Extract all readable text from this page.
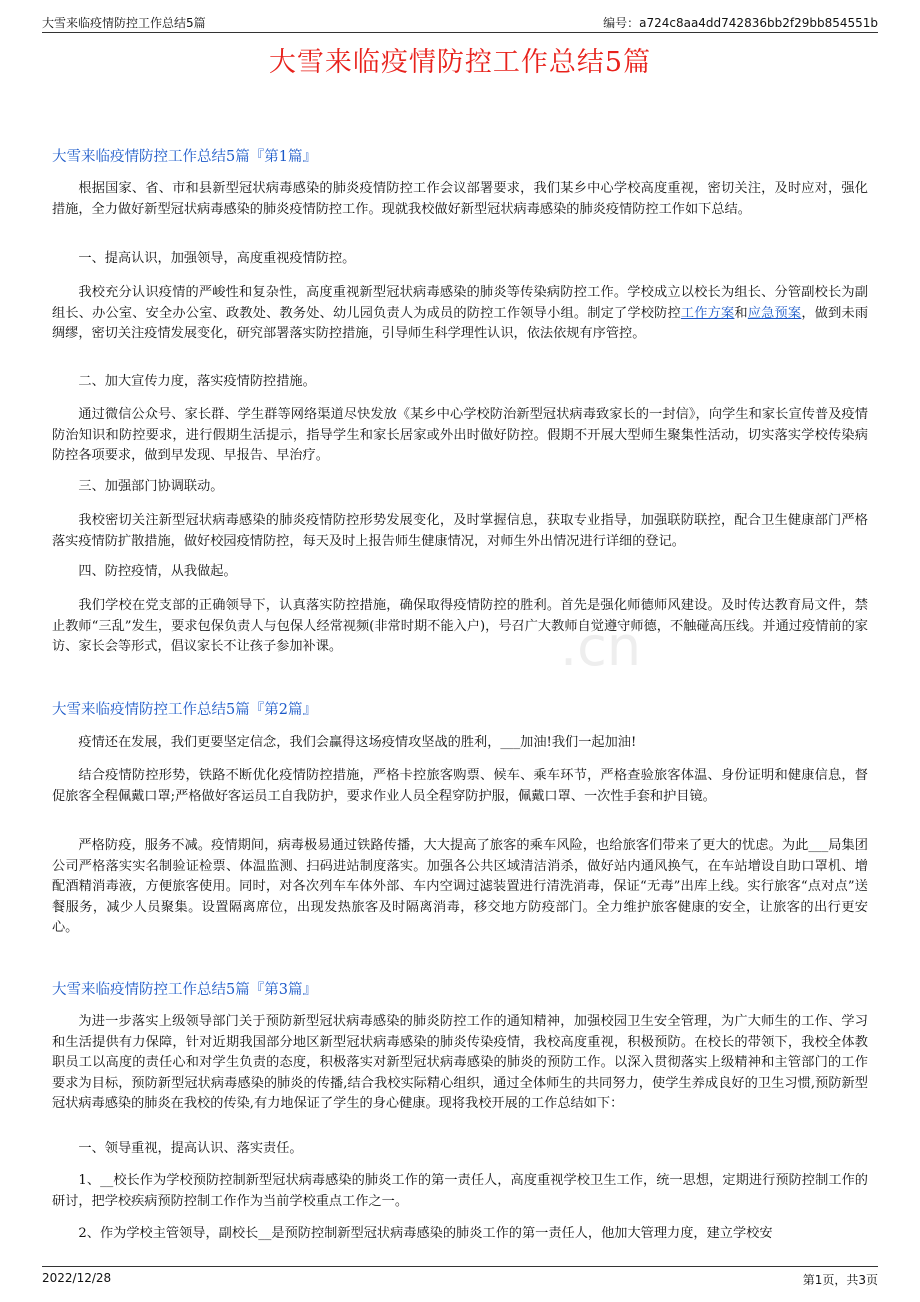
大雪来临疫情防控工作总结5篇	编号：a724c8aa4dd742836bb2f29bb854551b
大雪来临疫情防控工作总结5篇
.cn
大雪来临疫情防控工作总结5篇『第1篇』
根据国家、省、市和县新型冠状病毒感染的肺炎疫情防控工作会议部署要求，我们某乡中心学校高度重视，密切关注，及时应对，强化措施，全力做好新型冠状病毒感染的肺炎疫情防控工作。现就我校做好新型冠状病毒感染的肺炎疫情防控工作如下总结。
一、提高认识，加强领导，高度重视疫情防控。
我校充分认识疫情的严峻性和复杂性，高度重视新型冠状病毒感染的肺炎等传染病防控工作。学校成立以校长为组长、分管副校长为副组长、办公室、安全办公室、政教处、教务处、幼儿园负责人为成员的防控工作领导小组。制定了学校防控工作方案和应急预案，做到未雨绸缪，密切关注疫情发展变化，研究部署落实防控措施，引导师生科学理性认识，依法依规有序管控。
二、加大宣传力度，落实疫情防控措施。
通过微信公众号、家长群、学生群等网络渠道尽快发放《某乡中心学校防治新型冠状病毒致家长的一封信》，向学生和家长宣传普及疫情防治知识和防控要求，进行假期生活提示，指导学生和家长居家或外出时做好防控。假期不开展大型师生聚集性活动，切实落实学校传染病防控各项要求，做到早发现、早报告、早治疗。
三、加强部门协调联动。
我校密切关注新型冠状病毒感染的肺炎疫情防控形势发展变化，及时掌握信息，获取专业指导，加强联防联控，配合卫生健康部门严格落实疫情防扩散措施，做好校园疫情防控，每天及时上报告师生健康情况，对师生外出情况进行详细的登记。
四、防控疫情，从我做起。
我们学校在党支部的正确领导下，认真落实防控措施，确保取得疫情防控的胜利。首先是强化师德师风建设。及时传达教育局文件，禁止教师“三乱”发生，要求包保负责人与包保人经常视频(非常时期不能入户)，号召广大教师自觉遵守师德，不触碰高压线。并通过疫情前的家访、家长会等形式，倡议家长不让孩子参加补课。
大雪来临疫情防控工作总结5篇『第2篇』
疫情还在发展，我们更要坚定信念，我们会赢得这场疫情攻坚战的胜利，___加油!我们一起加油!
结合疫情防控形势，铁路不断优化疫情防控措施，严格卡控旅客购票、候车、乘车环节，严格查验旅客体温、身份证明和健康信息，督促旅客全程佩戴口罩;严格做好客运员工自我防护，要求作业人员全程穿防护服，佩戴口罩、一次性手套和护目镜。
严格防疫，服务不减。疫情期间，病毒极易通过铁路传播，大大提高了旅客的乘车风险，也给旅客们带来了更大的忧虑。为此___局集团公司严格落实实名制验证检票、体温监测、扫码进站制度落实。加强各公共区域清洁消杀，做好站内通风换气，在车站增设自助口罩机、增配酒精消毒液，方便旅客使用。同时，对各次列车车体外部、车内空调过滤装置进行清洗消毒，保证“无毒”出库上线。实行旅客“点对点”送餐服务，减少人员聚集。设置隔离席位，出现发热旅客及时隔离消毒，移交地方防疫部门。全力维护旅客健康的安全，让旅客的出行更安心。
大雪来临疫情防控工作总结5篇『第3篇』
为进一步落实上级领导部门关于预防新型冠状病毒感染的肺炎防控工作的通知精神，加强校园卫生安全管理，为广大师生的工作、学习和生活提供有力保障，针对近期我国部分地区新型冠状病毒感染的肺炎传染疫情，我校高度重视，积极预防。在校长的带领下，我校全体教职员工以高度的责任心和对学生负责的态度，积极落实对新型冠状病毒感染的肺炎的预防工作。以深入贯彻落实上级精神和主管部门的工作要求为目标，预防新型冠状病毒感染的肺炎的传播,结合我校实际精心组织，通过全体师生的共同努力，使学生养成良好的卫生习惯,预防新型冠状病毒感染的肺炎在我校的传染,有力地保证了学生的身心健康。现将我校开展的工作总结如下：
一、领导重视，提高认识、落实责任。
1、__校长作为学校预防控制新型冠状病毒感染的肺炎工作的第一责任人，高度重视学校卫生工作，统一思想，定期进行预防控制工作的研讨，把学校疾病预防控制工作作为当前学校重点工作之一。
2、作为学校主管领导，副校长__是预防控制新型冠状病毒感染的肺炎工作的第一责任人，他加大管理力度，建立学校安
2022/12/28	第1页，共3页
